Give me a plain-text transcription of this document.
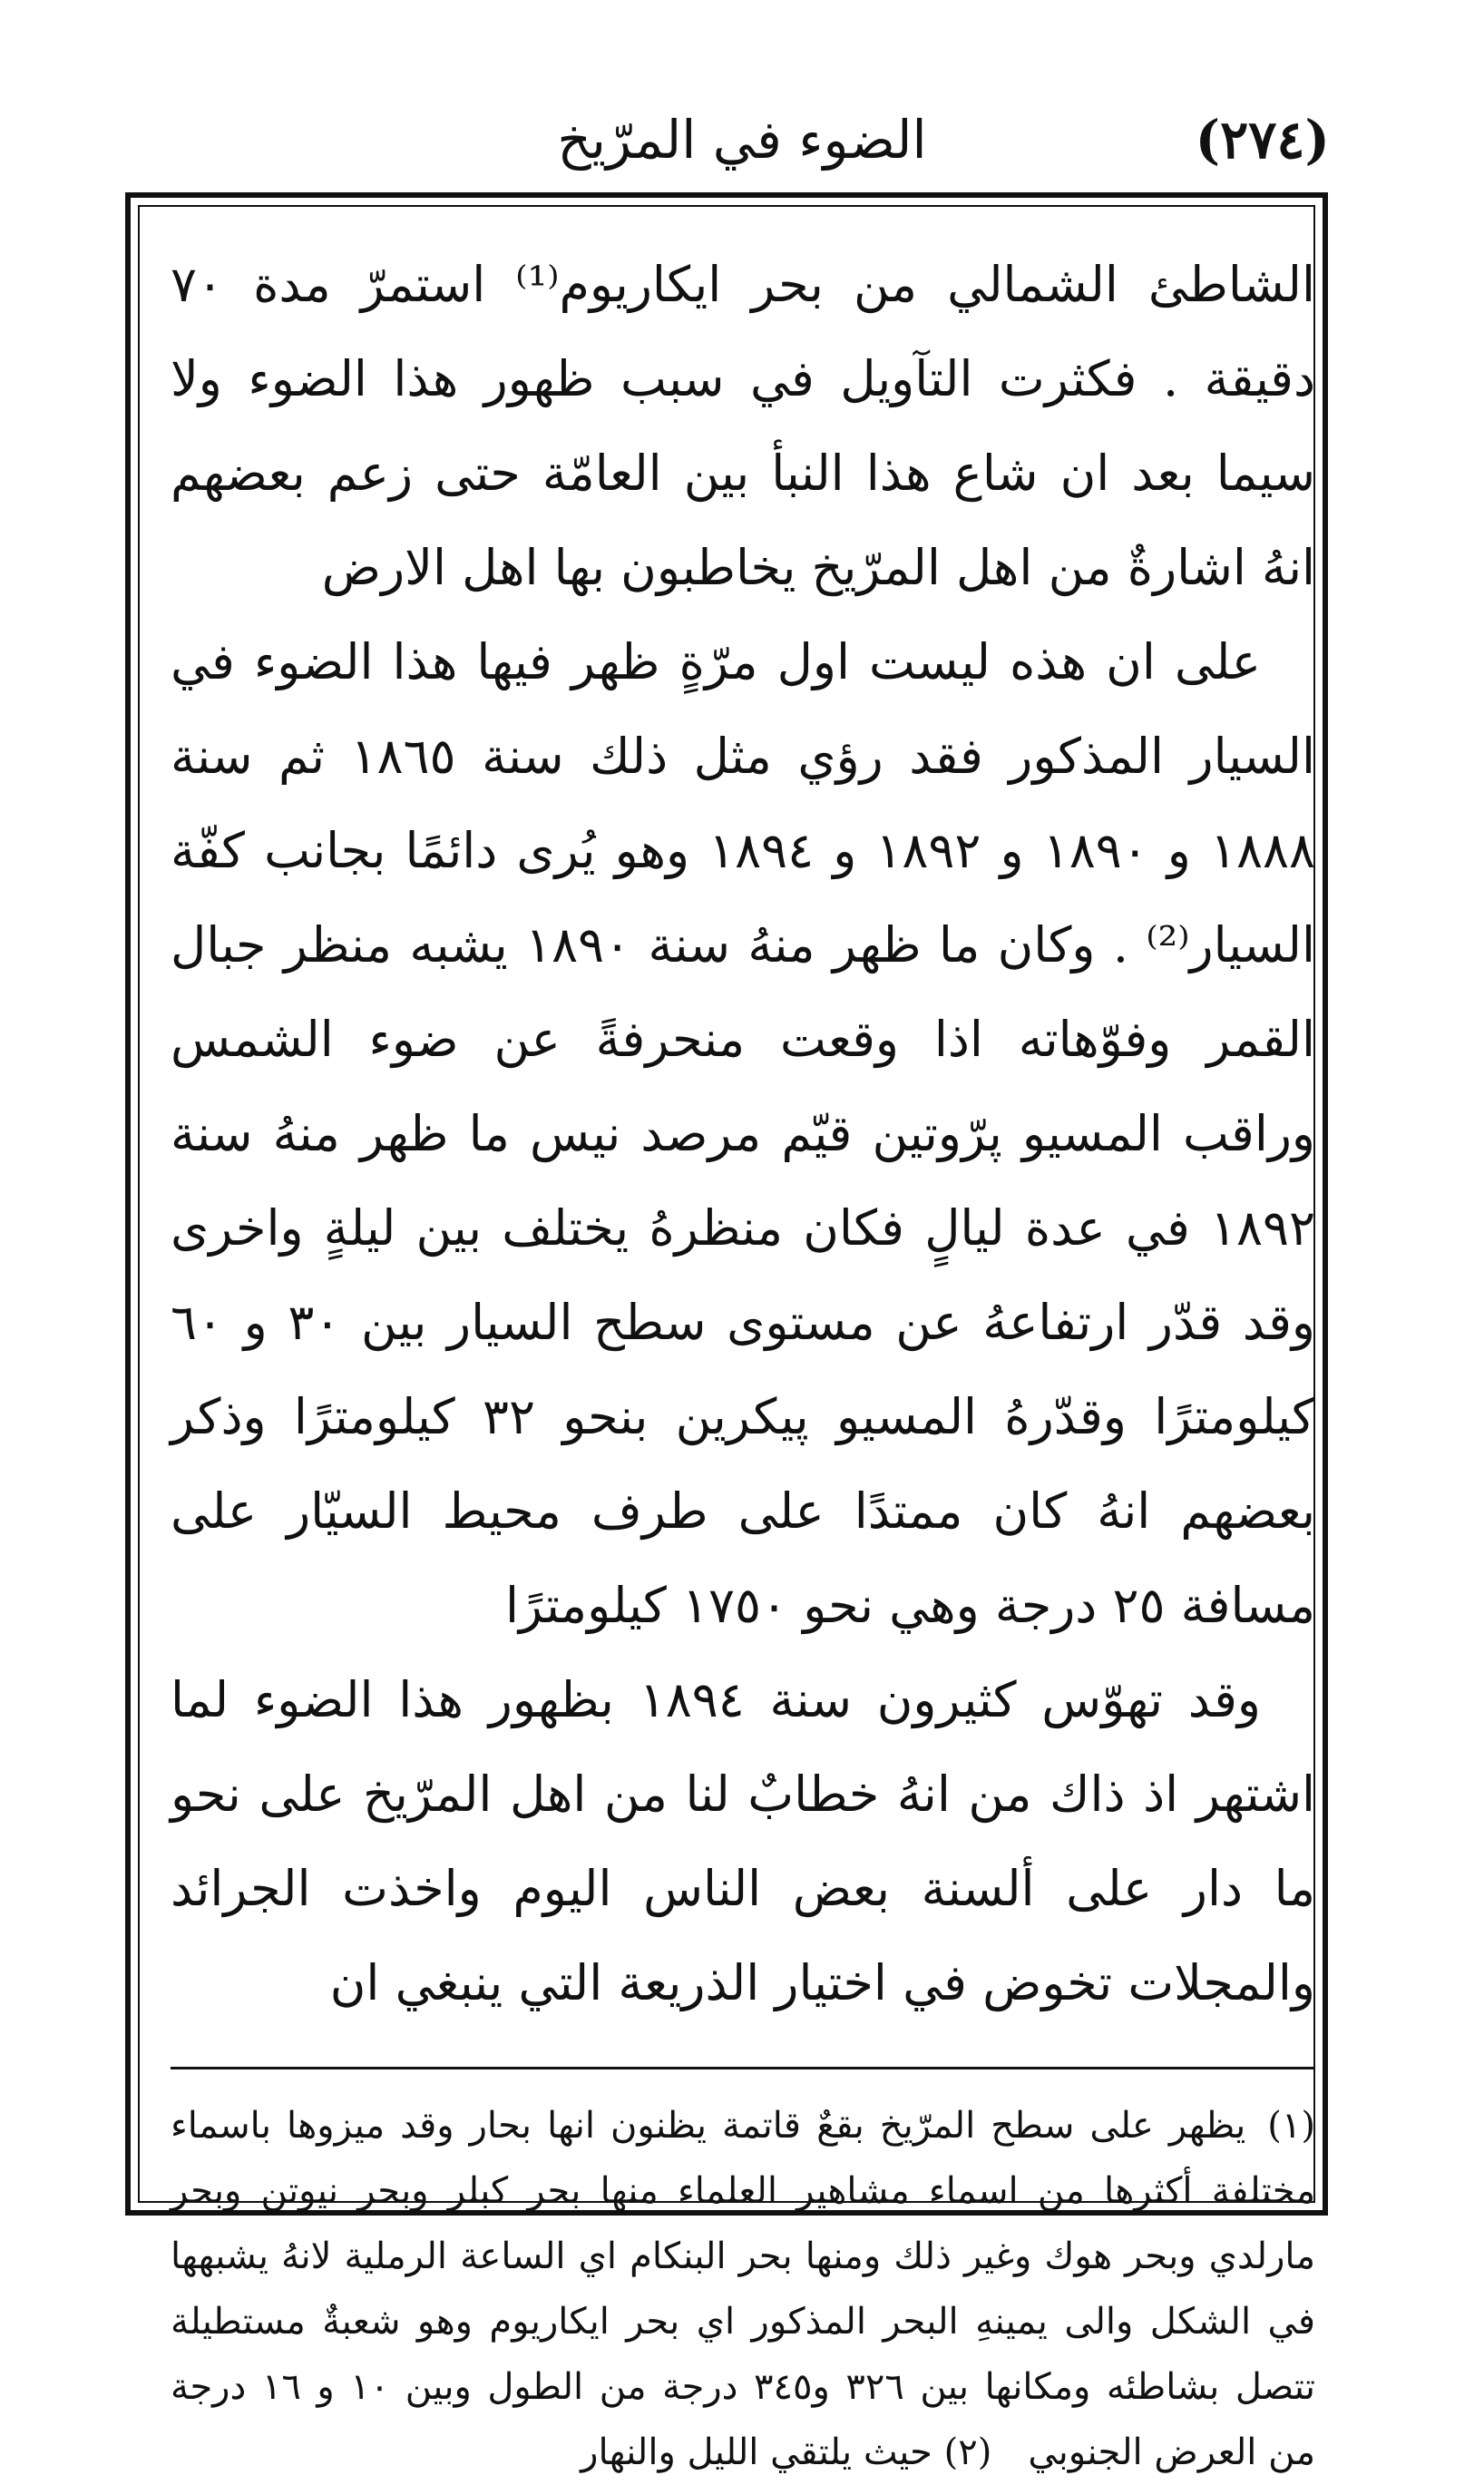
(٢٧٤)
الضوء في المرّيخ

الشاطئ الشمالي من بحر ايكاريوم⁽¹⁾ استمرّ مدة ٧٠ دقيقة . فكثرت التآويل في سبب ظهور هذا الضوء ولا سيما بعد ان شاع هذا النبأ بين العامّة حتى زعم بعضهم انهُ اشارةٌ من اهل المرّيخ يخاطبون بها اهل الارض

على ان هذه ليست اول مرّةٍ ظهر فيها هذا الضوء في السيار المذكور فقد رؤي مثل ذلك سنة ١٨٦٥ ثم سنة ١٨٨٨ و ١٨٩٠ و ١٨٩٢ و ١٨٩٤ وهو يُرى دائمًا بجانب كفّة السيار⁽²⁾ . وكان ما ظهر منهُ سنة ١٨٩٠ يشبه منظر جبال القمر وفوّهاته اذا وقعت منحرفةً عن ضوء الشمس وراقب المسيو پرّوتين قيّم مرصد نيس ما ظهر منهُ سنة ١٨٩٢ في عدة ليالٍ فكان منظرهُ يختلف بين ليلةٍ واخرى وقد قدّر ارتفاعهُ عن مستوى سطح السيار بين ٣٠ و ٦٠ كيلومترًا وقدّرهُ المسيو پيكرين بنحو ٣٢ كيلومترًا وذكر بعضهم انهُ كان ممتدًا على طرف محيط السيّار على مسافة ٢٥ درجة وهي نحو ١٧٥٠ كيلومترًا

وقد تهوّس كثيرون سنة ١٨٩٤ بظهور هذا الضوء لما اشتهر اذ ذاك من انهُ خطابٌ لنا من اهل المرّيخ على نحو ما دار على ألسنة بعض الناس اليوم واخذت الجرائد والمجلات تخوض في اختيار الذريعة التي ينبغي ان

(١)يظهر على سطح المرّيخ بقعٌ قاتمة يظنون انها بحار وقد ميزوها باسماء مختلفة أكثرها من اسماء مشاهير العلماء منها بحر كبلر وبحر نيوتن وبحر مارلدي وبحر هوك وغير ذلك ومنها بحر البنكام اي الساعة الرملية لانهُ يشبهها في الشكل والى يمينهِ البحر المذكور اي بحر ايكاريوم وهو شعبةٌ مستطيلة تتصل بشاطئه ومكانها بين ٣٢٦ و٣٤٥ درجة من الطول وبين ١٠ و ١٦ درجة من العرض الجنوبي(٢) حيث يلتقي الليل والنهار
